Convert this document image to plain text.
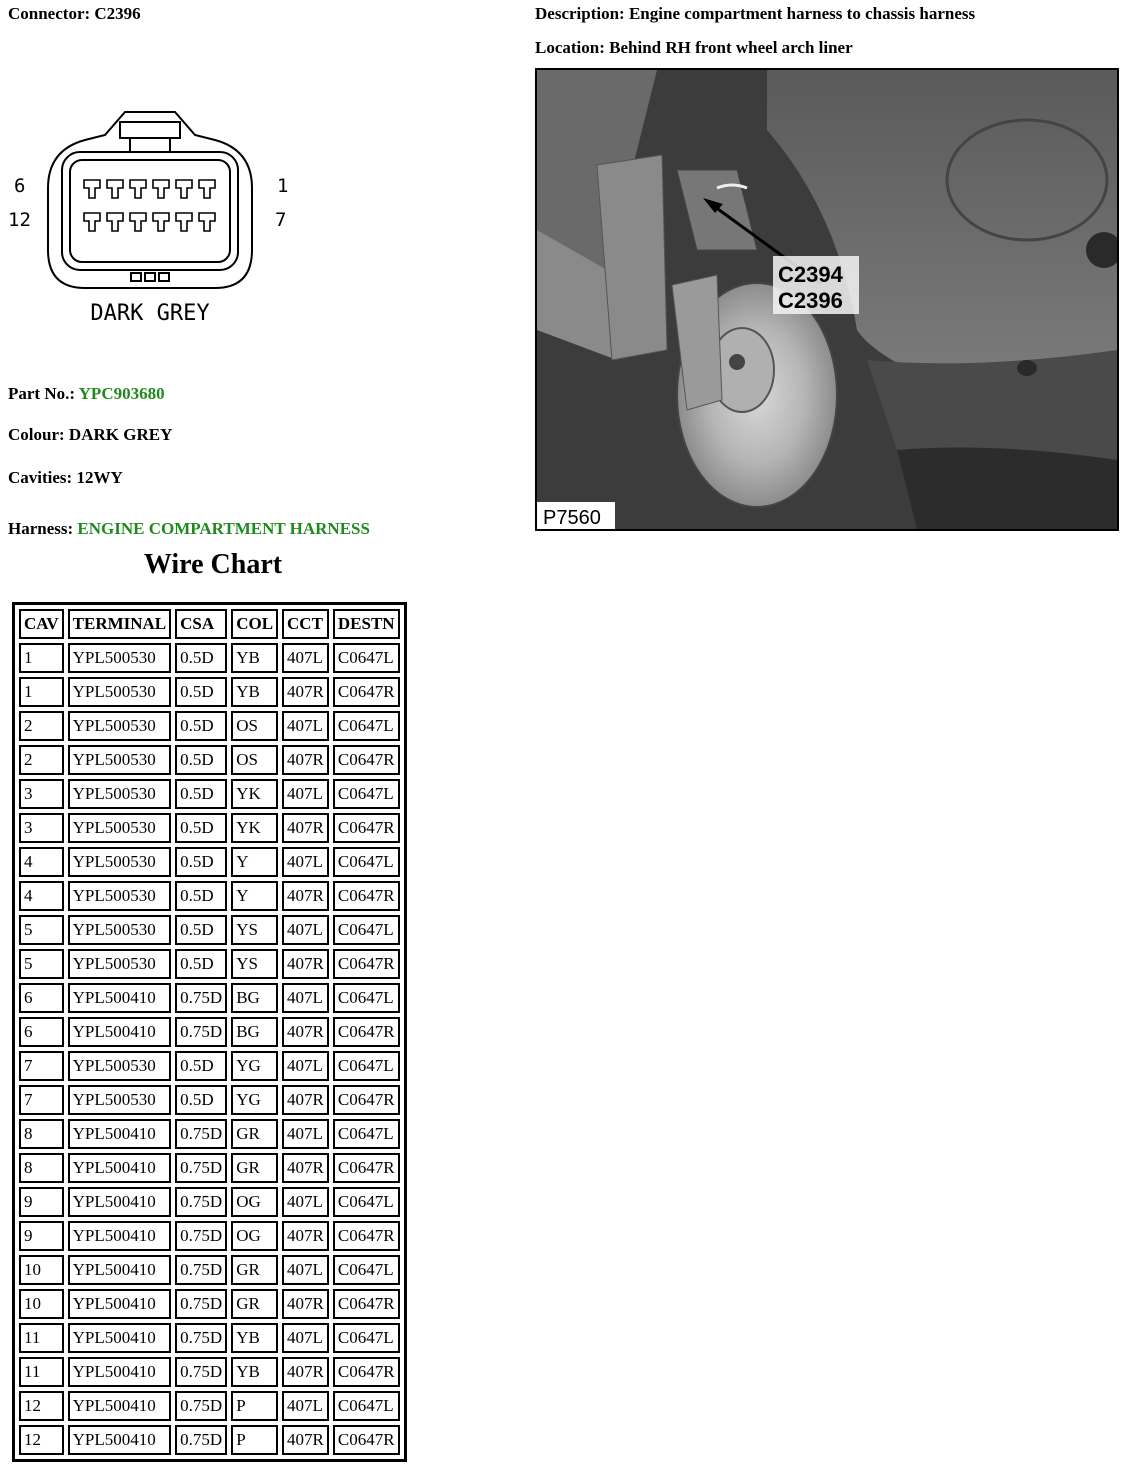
Connector: C2396	Description: Engine compartment harness to chassis harness
Location: Behind RH front wheel arch liner
6
12
1
7
DARK GREY
C2394
C2396
P7560
Part No.: YPC903680
Colour: DARK GREY
Cavities: 12WY
Harness: ENGINE COMPARTMENT HARNESS
Wire Chart
CAV	TERMINAL	CSA	COL	CCT	DESTN
1	YPL500530	0.5D	YB	407L	C0647L
1	YPL500530	0.5D	YB	407R	C0647R
2	YPL500530	0.5D	OS	407L	C0647L
2	YPL500530	0.5D	OS	407R	C0647R
3	YPL500530	0.5D	YK	407L	C0647L
3	YPL500530	0.5D	YK	407R	C0647R
4	YPL500530	0.5D	Y	407L	C0647L
4	YPL500530	0.5D	Y	407R	C0647R
5	YPL500530	0.5D	YS	407L	C0647L
5	YPL500530	0.5D	YS	407R	C0647R
6	YPL500410	0.75D	BG	407L	C0647L
6	YPL500410	0.75D	BG	407R	C0647R
7	YPL500530	0.5D	YG	407L	C0647L
7	YPL500530	0.5D	YG	407R	C0647R
8	YPL500410	0.75D	GR	407L	C0647L
8	YPL500410	0.75D	GR	407R	C0647R
9	YPL500410	0.75D	OG	407L	C0647L
9	YPL500410	0.75D	OG	407R	C0647R
10	YPL500410	0.75D	GR	407L	C0647L
10	YPL500410	0.75D	GR	407R	C0647R
11	YPL500410	0.75D	YB	407L	C0647L
11	YPL500410	0.75D	YB	407R	C0647R
12	YPL500410	0.75D	P	407L	C0647L
12	YPL500410	0.75D	P	407R	C0647R
